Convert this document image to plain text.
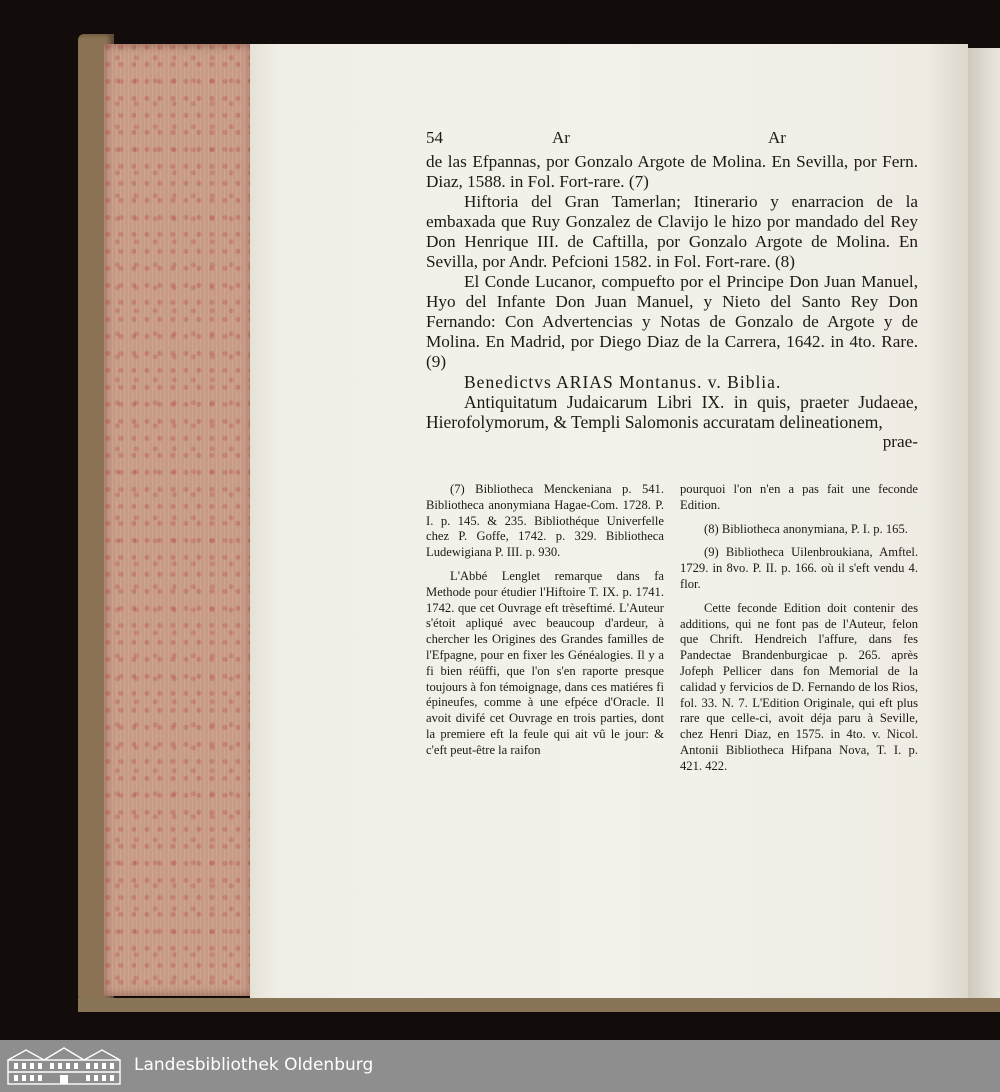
54	Ar	Ar

de las Efpannas, por Gonzalo Argote de Molina. En Sevilla, por Fern. Diaz, 1588. in Fol. Fort-rare. (7)

Hiftoria del Gran Tamerlan; Itinerario y enarracion de la embaxada que Ruy Gonzalez de Clavijo le hizo por mandado del Rey Don Henrique III. de Caftilla, por Gonzalo Argote de Molina. En Sevilla, por Andr. Pefcioni 1582. in Fol. Fort-rare. (8)

El Conde Lucanor, compuefto por el Principe Don Juan Manuel, Hyo del Infante Don Juan Manuel, y Nieto del Santo Rey Don Fernando: Con Advertencias y Notas de Gonzalo de Argote y de Molina. En Madrid, por Diego Diaz de la Carrera, 1642. in 4to. Rare. (9)

Benedictvs ARIAS Montanus. v. Biblia.

Antiquitatum Judaicarum Libri IX. in quis, praeter Judaeae, Hierofolymorum, & Templi Salomonis accuratam delineationem,

prae-

(7) Bibliotheca Menckeniana p. 541. Bibliotheca anonymiana Hagae-Com. 1728. P. I. p. 145. & 235. Bibliothéque Univerfelle chez P. Goffe, 1742. p. 329. Bibliotheca Ludewigiana P. III. p. 930.

L'Abbé Lenglet remarque dans fa Methode pour étudier l'Hiftoire T. IX. p. 1741. 1742. que cet Ouvrage eft trèseftimé. L'Auteur s'étoit apliqué avec beaucoup d'ardeur, à chercher les Origines des Grandes familles de l'Efpagne, pour en fixer les Généalogies. Il y a fi bien réüffi, que l'on s'en raporte presque toujours à fon témoignage, dans ces matiéres fi épineufes, comme à une efpéce d'Oracle. Il avoit divifé cet Ouvrage en trois parties, dont la premiere eft la feule qui ait vû le jour: & c'eft peut-être la raifon

pourquoi l'on n'en a pas fait une feconde Edition.

(8) Bibliotheca anonymiana, P. I. p. 165.

(9) Bibliotheca Uilenbroukiana, Amftel. 1729. in 8vo. P. II. p. 166. où il s'eft vendu 4. flor.

Cette feconde Edition doit contenir des additions, qui ne font pas de l'Auteur, felon que Chrift. Hendreich l'affure, dans fes Pandectae Brandenburgicae p. 265. après Jofeph Pellicer dans fon Memorial de la calidad y fervicios de D. Fernando de los Rios, fol. 33. N. 7. L'Edition Originale, qui eft plus rare que celle-ci, avoit déja paru à Seville, chez Henri Diaz, en 1575. in 4to. v. Nicol. Antonii Bibliotheca Hifpana Nova, T. I. p. 421. 422.

Landesbibliothek Oldenburg
